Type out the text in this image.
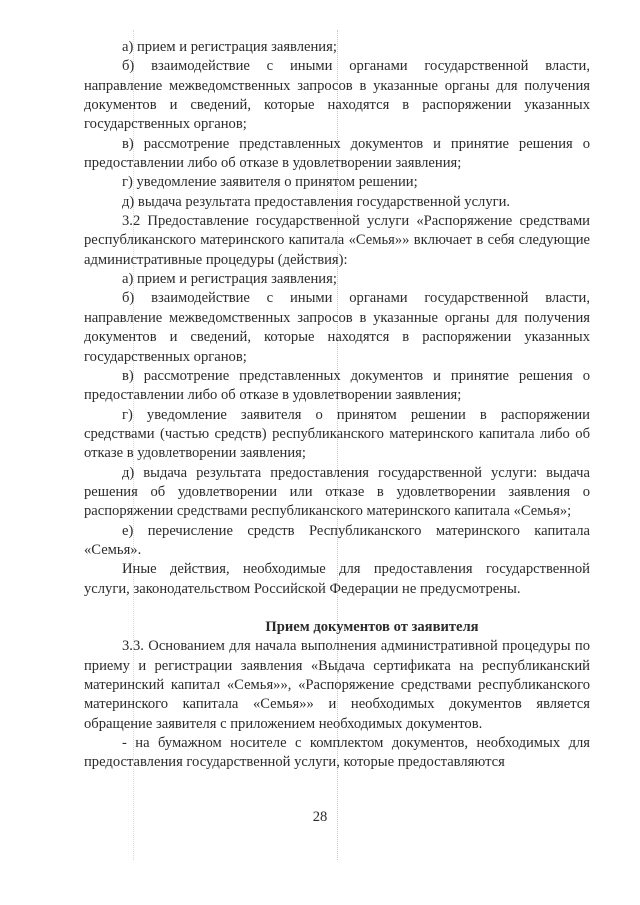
а) прием и регистрация заявления;

б) взаимодействие с иными органами государственной власти, направление межведомственных запросов в указанные органы для получения документов и сведений, которые находятся в распоряжении указанных государственных органов;

в) рассмотрение представленных документов и принятие решения о предоставлении либо об отказе в удовлетворении заявления;

г) уведомление заявителя о принятом решении;

д) выдача результата предоставления государственной услуги.

3.2 Предоставление государственной услуги «Распоряжение средствами республиканского материнского капитала «Семья»» включает в себя следующие административные процедуры (действия):

а) прием и регистрация заявления;

б) взаимодействие с иными органами государственной власти, направление межведомственных запросов в указанные органы для получения документов и сведений, которые находятся в распоряжении указанных государственных органов;

в) рассмотрение представленных документов и принятие решения о предоставлении либо об отказе в удовлетворении заявления;

г) уведомление заявителя о принятом решении в распоряжении средствами (частью средств) республиканского материнского капитала либо об отказе в удовлетворении заявления;

д) выдача результата предоставления государственной услуги: выдача решения об удовлетворении или отказе в удовлетворении заявления о распоряжении средствами республиканского материнского капитала «Семья»;

е) перечисление средств Республиканского материнского капитала «Семья».

Иные действия, необходимые для предоставления государственной услуги, законодательством Российской Федерации не предусмотрены.

Прием документов от заявителя

3.3. Основанием для начала выполнения административной процедуры по приему и регистрации заявления «Выдача сертификата на республиканский материнский капитал «Семья»», «Распоряжение средствами республиканского материнского капитала «Семья»» и необходимых документов является обращение заявителя с приложением необходимых документов.

- на бумажном носителе с комплектом документов, необходимых для предоставления государственной услуги, которые предоставляются

28
